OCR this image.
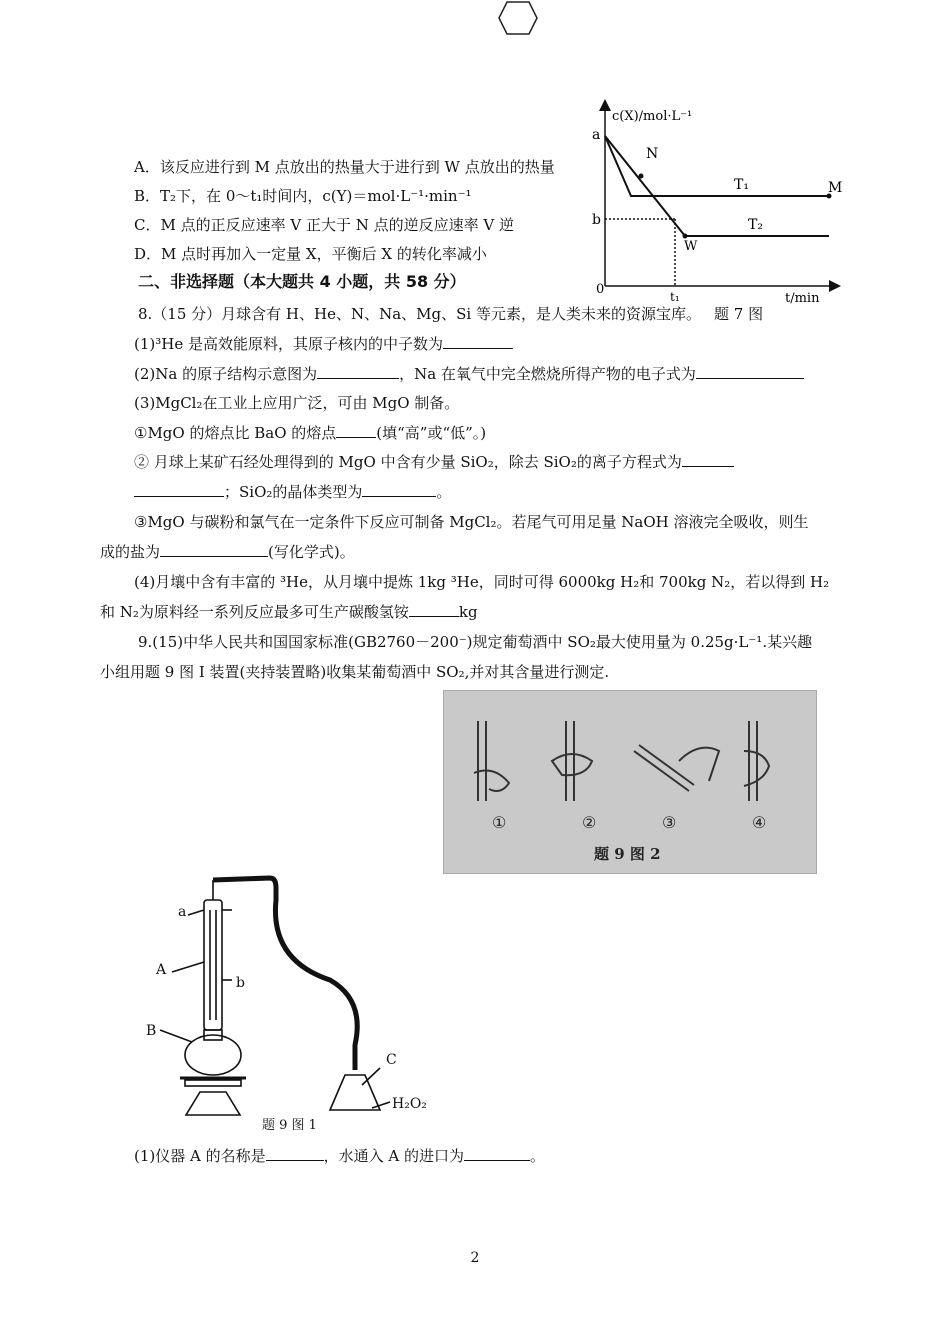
A．该反应进行到 M 点放出的热量大于进行到 W 点放出的热量
B．T₂下，在 0～t₁时间内，c(Y)＝mol·L⁻¹·min⁻¹
C．M 点的正反应速率 V 正大于 N 点的逆反应速率 V 逆
D．M 点时再加入一定量 X，平衡后 X 的转化率减小
c(X)/mol·L⁻¹
t/min
0
a
b
t₁
N
M
W
T₁
T₂
二、非选择题（本大题共 4 小题，共 58 分）
题 7 图
8.（15 分）月球含有 H、He、N、Na、Mg、Si 等元素，是人类未来的资源宝库。
(1)³He 是高效能原料，其原子核内的中子数为
(2)Na 的原子结构示意图为	，Na 在氧气中完全燃烧所得产物的电子式为
(3)MgCl₂在工业上应用广泛，可由 MgO 制备。
①MgO 的熔点比 BaO 的熔点	(填“高”或“低”。)
② 月球上某矿石经处理得到的 MgO 中含有少量 SiO₂，除去 SiO₂的离子方程式为
；SiO₂的晶体类型为	。
③MgO 与碳粉和氯气在一定条件下反应可制备 MgCl₂。若尾气可用足量 NaOH 溶液完全吸收，则生
成的盐为	(写化学式)。
(4)月壤中含有丰富的 ³He，从月壤中提炼 1kg ³He，同时可得 6000kg H₂和 700kg N₂，若以得到 H₂
和 N₂为原料经一系列反应最多可生产碳酸氢铵	kg
9.(15)中华人民共和国国家标准(GB2760－200⁻)规定葡萄酒中 SO₂最大使用量为 0.25g·L⁻¹.某兴趣
小组用题 9 图 I 装置(夹持装置略)收集某葡萄酒中 SO₂,并对其含量进行测定.
①	②	③	④
题 9 图 2
a
A
b
B
C
H₂O₂
题 9 图 1
(1)仪器 A 的名称是	，水通入 A 的进口为	。
2
